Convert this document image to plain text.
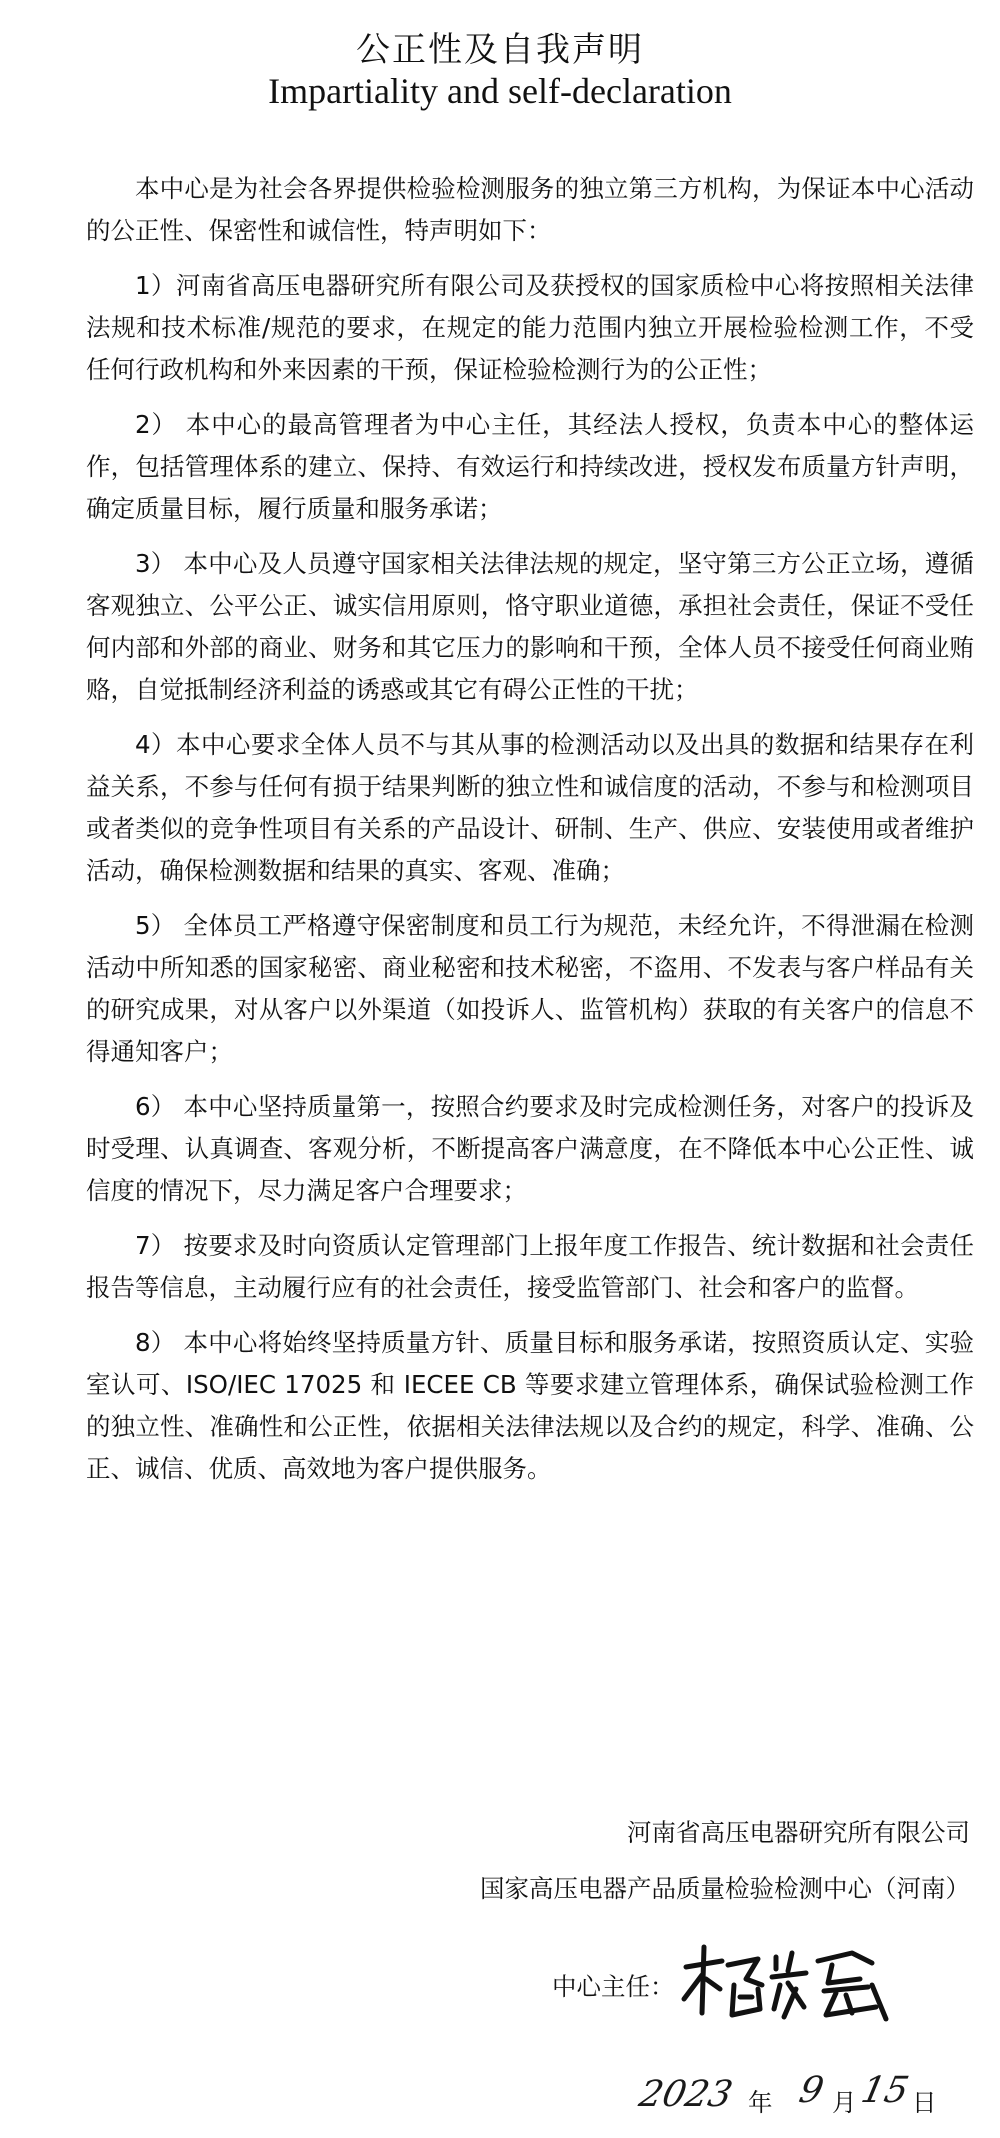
公正性及自我声明
Impartiality and self-declaration

本中心是为社会各界提供检验检测服务的独立第三方机构，为保证本中心活动的公正性、保密性和诚信性，特声明如下：

1）河南省高压电器研究所有限公司及获授权的国家质检中心将按照相关法律法规和技术标准/规范的要求，在规定的能力范围内独立开展检验检测工作，不受任何行政机构和外来因素的干预，保证检验检测行为的公正性；

2） 本中心的最高管理者为中心主任，其经法人授权，负责本中心的整体运作，包括管理体系的建立、保持、有效运行和持续改进，授权发布质量方针声明，确定质量目标，履行质量和服务承诺；

3） 本中心及人员遵守国家相关法律法规的规定，坚守第三方公正立场，遵循客观独立、公平公正、诚实信用原则，恪守职业道德，承担社会责任，保证不受任何内部和外部的商业、财务和其它压力的影响和干预，全体人员不接受任何商业贿赂，自觉抵制经济利益的诱惑或其它有碍公正性的干扰；

4）本中心要求全体人员不与其从事的检测活动以及出具的数据和结果存在利益关系，不参与任何有损于结果判断的独立性和诚信度的活动，不参与和检测项目或者类似的竞争性项目有关系的产品设计、研制、生产、供应、安装使用或者维护活动，确保检测数据和结果的真实、客观、准确；

5） 全体员工严格遵守保密制度和员工行为规范，未经允许，不得泄漏在检测活动中所知悉的国家秘密、商业秘密和技术秘密，不盗用、不发表与客户样品有关的研究成果，对从客户以外渠道（如投诉人、监管机构）获取的有关客户的信息不得通知客户；

6） 本中心坚持质量第一，按照合约要求及时完成检测任务，对客户的投诉及时受理、认真调查、客观分析，不断提高客户满意度，在不降低本中心公正性、诚信度的情况下，尽力满足客户合理要求；

7） 按要求及时向资质认定管理部门上报年度工作报告、统计数据和社会责任报告等信息，主动履行应有的社会责任，接受监管部门、社会和客户的监督。

8） 本中心将始终坚持质量方针、质量目标和服务承诺，按照资质认定、实验室认可、ISO/IEC 17025 和 IECEE CB 等要求建立管理体系，确保试验检测工作的独立性、准确性和公正性，依据相关法律法规以及合约的规定，科学、准确、公正、诚信、优质、高效地为客户提供服务。

河南省高压电器研究所有限公司
国家高压电器产品质量检验检测中心（河南）
中心主任：
2023 年 9 月 15 日
